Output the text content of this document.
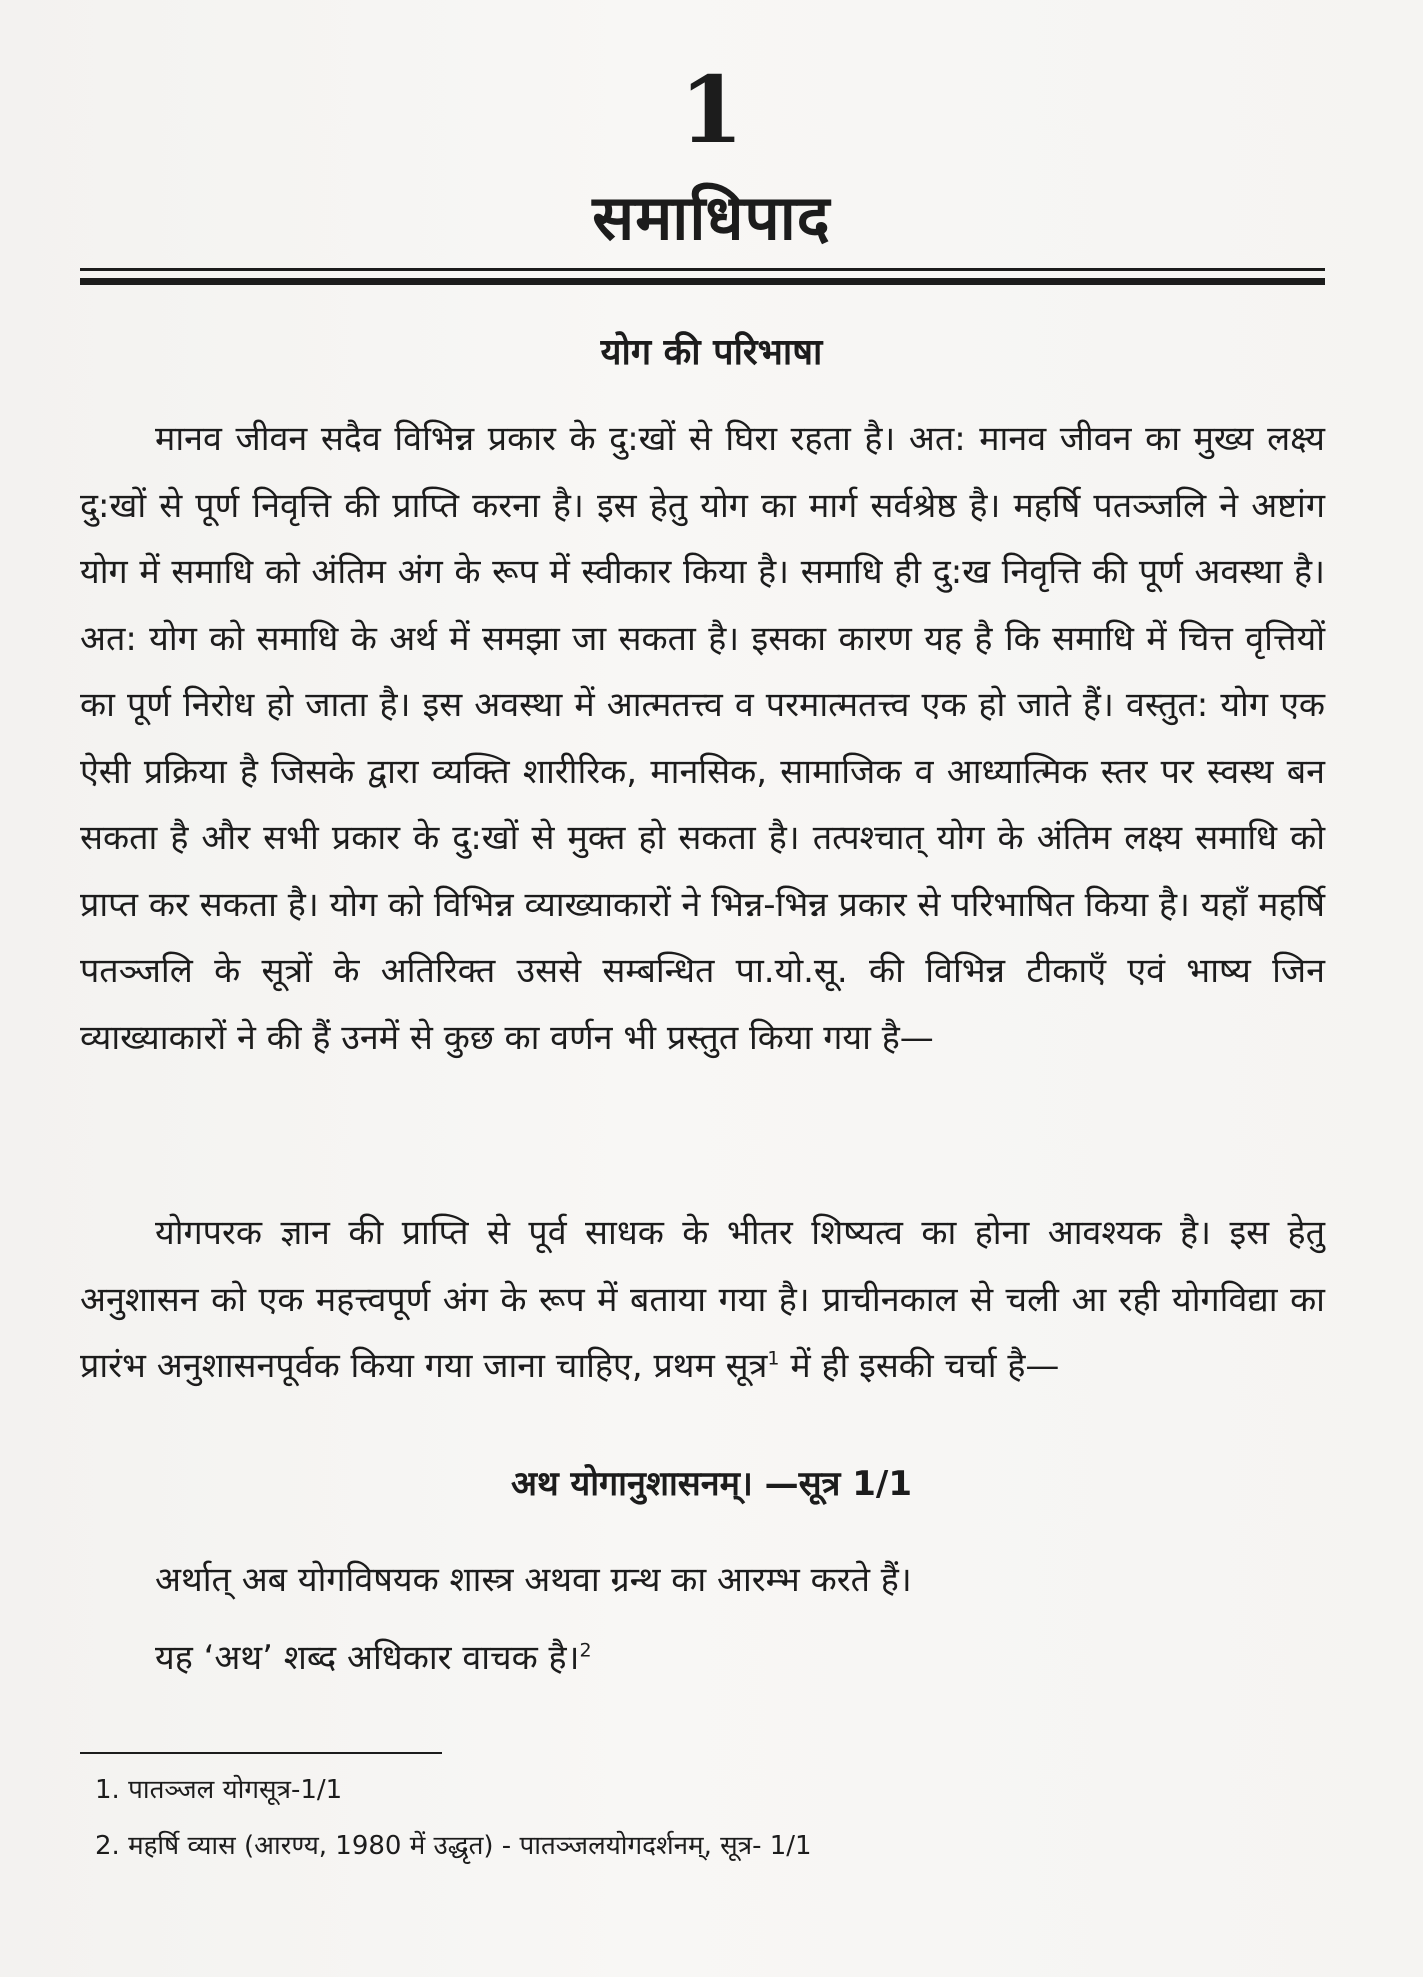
1
समाधिपाद
योग की परिभाषा

मानव जीवन सदैव विभिन्न प्रकार के दु:खों से घिरा रहता है। अत: मानव जीवन का मुख्य लक्ष्य दु:खों से पूर्ण निवृत्ति की प्राप्ति करना है। इस हेतु योग का मार्ग सर्वश्रेष्ठ है। महर्षि पतञ्जलि ने अष्टांग योग में समाधि को अंतिम अंग के रूप में स्वीकार किया है। समाधि ही दु:ख निवृत्ति की पूर्ण अवस्था है। अत: योग को समाधि के अर्थ में समझा जा सकता है। इसका कारण यह है कि समाधि में चित्त वृत्तियों का पूर्ण निरोध हो जाता है। इस अवस्था में आत्मतत्त्व व परमात्मतत्त्व एक हो जाते हैं। वस्तुत: योग एक ऐसी प्रक्रिया है जिसके द्वारा व्यक्ति शारीरिक, मानसिक, सामाजिक व आध्यात्मिक स्तर पर स्वस्थ बन सकता है और सभी प्रकार के दु:खों से मुक्त हो सकता है। तत्पश्चात् योग के अंतिम लक्ष्य समाधि को प्राप्त कर सकता है। योग को विभिन्न व्याख्याकारों ने भिन्न-भिन्न प्रकार से परिभाषित किया है। यहाँ महर्षि पतञ्जलि के सूत्रों के अतिरिक्त उससे सम्बन्धित पा.यो.सू. की विभिन्न टीकाएँ एवं भाष्य जिन व्याख्याकारों ने की हैं उनमें से कुछ का वर्णन भी प्रस्तुत किया गया है—

योगपरक ज्ञान की प्राप्ति से पूर्व साधक के भीतर शिष्यत्व का होना आवश्यक है। इस हेतु अनुशासन को एक महत्त्वपूर्ण अंग के रूप में बताया गया है। प्राचीनकाल से चली आ रही योगविद्या का प्रारंभ अनुशासनपूर्वक किया गया जाना चाहिए, प्रथम सूत्र$^1$ में ही इसकी चर्चा है—

अथ योगानुशासनम्। —सूत्र 1/1
अर्थात् अब योगविषयक शास्त्र अथवा ग्रन्थ का आरम्भ करते हैं।
यह ‘अथ’ शब्द अधिकार वाचक है।$^2$
1. पातञ्जल योगसूत्र-1/1
2. महर्षि व्यास (आरण्य, 1980 में उद्धृत) - पातञ्जलयोगदर्शनम्, सूत्र- 1/1
